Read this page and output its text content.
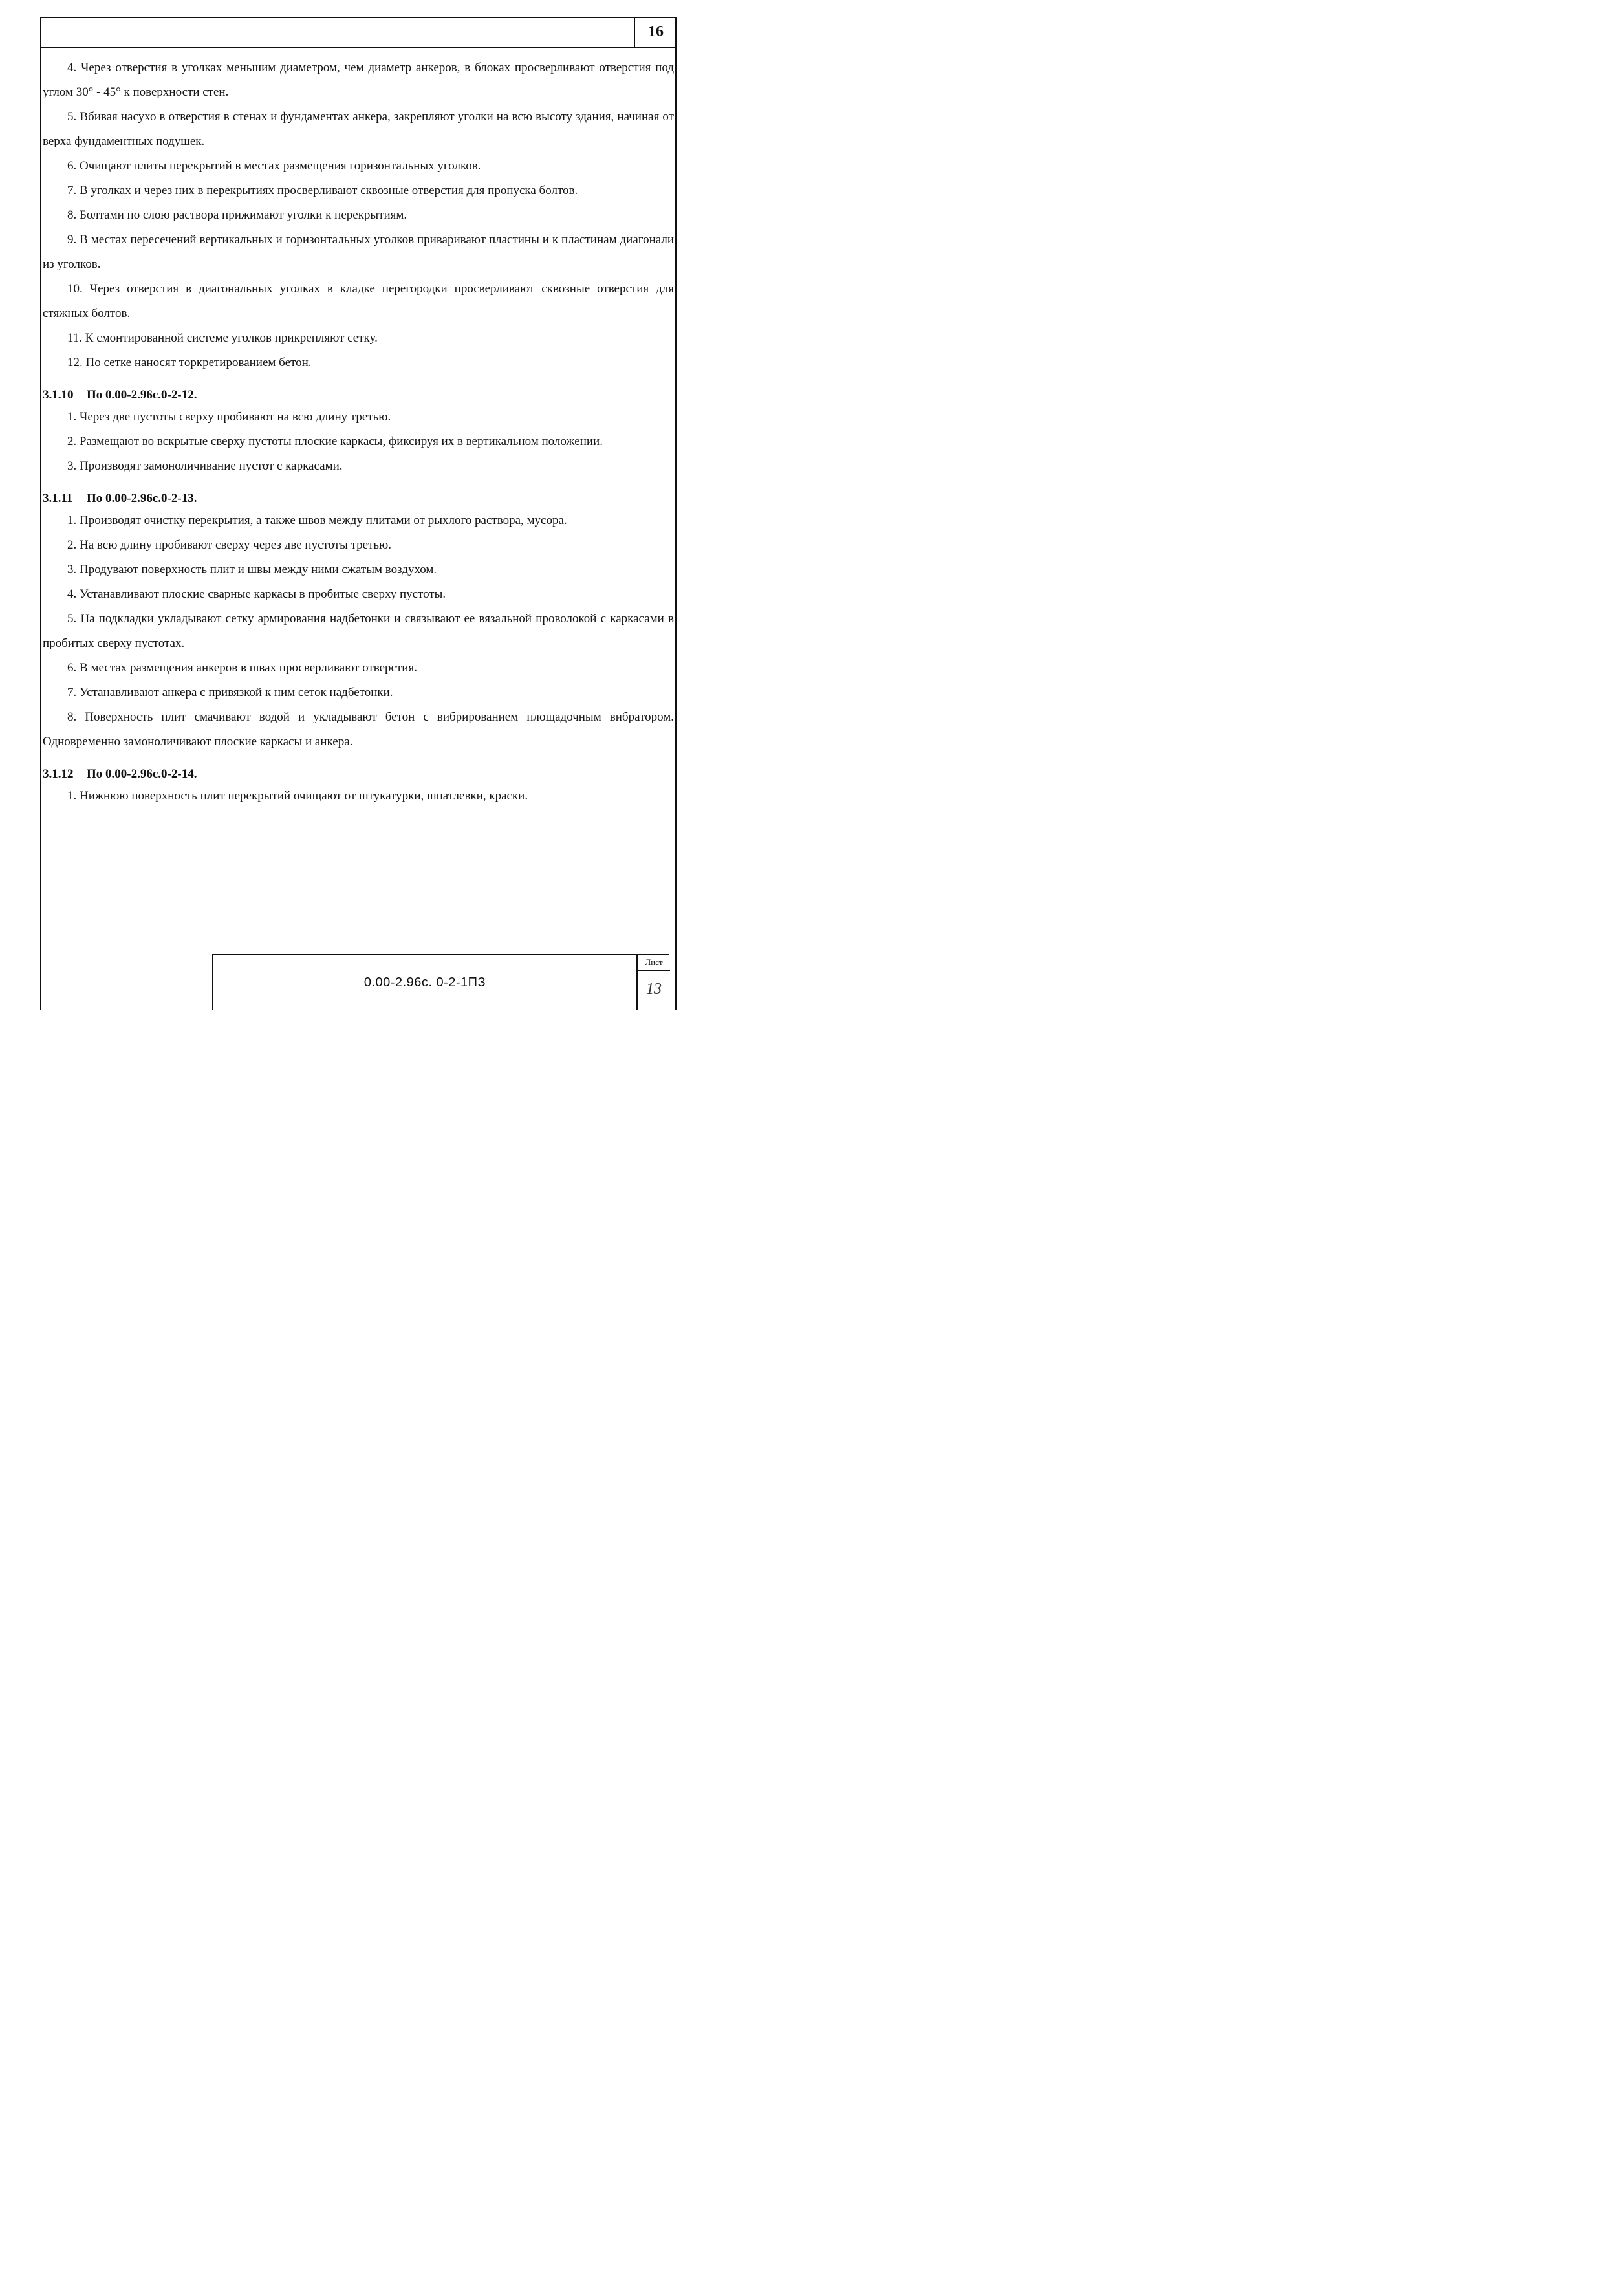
16

4. Через отверстия в уголках меньшим диаметром, чем диаметр анкеров, в блоках просверливают отверстия под углом 30° - 45° к поверхности стен.

5. Вбивая насухо в отверстия в стенах и фундаментах анкера, закрепляют уголки на всю высоту здания, начиная от верха фундаментных подушек.

6. Очищают плиты перекрытий в местах размещения горизонтальных уголков.

7. В уголках и через них в перекрытиях просверливают сквозные отверстия для пропуска болтов.

8. Болтами по слою раствора прижимают уголки к перекрытиям.

9. В местах пересечений вертикальных и горизонтальных уголков приваривают пластины и к пластинам диагонали из уголков.

10. Через отверстия в диагональных уголках в кладке перегородки просверливают сквозные отверстия для стяжных болтов.

11. К смонтированной системе уголков прикрепляют сетку.

12. По сетке наносят торкретированием бетон.

3.1.10 По 0.00-2.96с.0-2-12.

1. Через две пустоты сверху пробивают на всю длину третью.

2. Размещают во вскрытые сверху пустоты плоские каркасы, фиксируя их в вертикальном положении.

3. Производят замоноличивание пустот с каркасами.

3.1.11 По 0.00-2.96с.0-2-13.

1. Производят очистку перекрытия, а также швов между плитами от рыхлого раствора, мусора.

2. На всю длину пробивают сверху через две пустоты третью.

3. Продувают поверхность плит и швы между ними сжатым воздухом.

4. Устанавливают плоские сварные каркасы в пробитые сверху пустоты.

5. На подкладки укладывают сетку армирования надбетонки и связывают ее вязальной проволокой с каркасами в пробитых сверху пустотах.

6. В местах размещения анкеров в швах просверливают отверстия.

7. Устанавливают анкера с привязкой к ним сеток надбетонки.

8. Поверхность плит смачивают водой и укладывают бетон с вибрированием площадочным вибратором. Одновременно замоноличивают плоские каркасы и анкера.

3.1.12 По 0.00-2.96с.0-2-14.

1. Нижнюю поверхность плит перекрытий очищают от штукатурки, шпатлевки, краски.

0.00-2.96с. 0-2-1ПЗ
Лист
13
